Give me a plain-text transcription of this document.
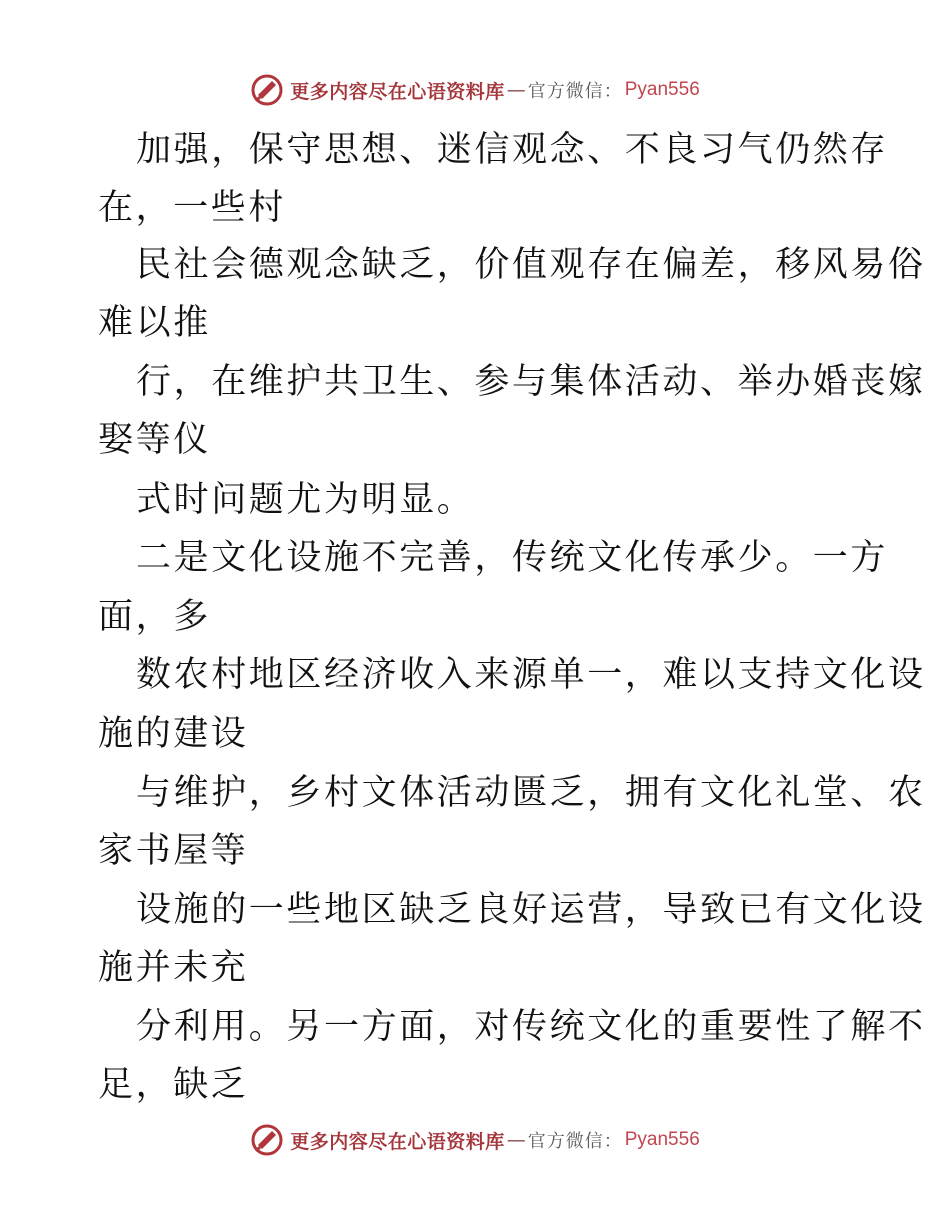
更多内容尽在心语资料库 — 官方微信： Pyan556
加强，保守思想、迷信观念、不良习气仍然存
在，一些村
民社会德观念缺乏，价值观存在偏差，移风易俗
难以推
行，在维护共卫生、参与集体活动、举办婚丧嫁
娶等仪
式时问题尤为明显。
二是文化设施不完善，传统文化传承少。一方
面，多
数农村地区经济收入来源单一，难以支持文化设
施的建设
与维护，乡村文体活动匮乏，拥有文化礼堂、农
家书屋等
设施的一些地区缺乏良好运营，导致已有文化设
施并未充
分利用。另一方面，对传统文化的重要性了解不
足，缺乏
更多内容尽在心语资料库 — 官方微信： Pyan556
